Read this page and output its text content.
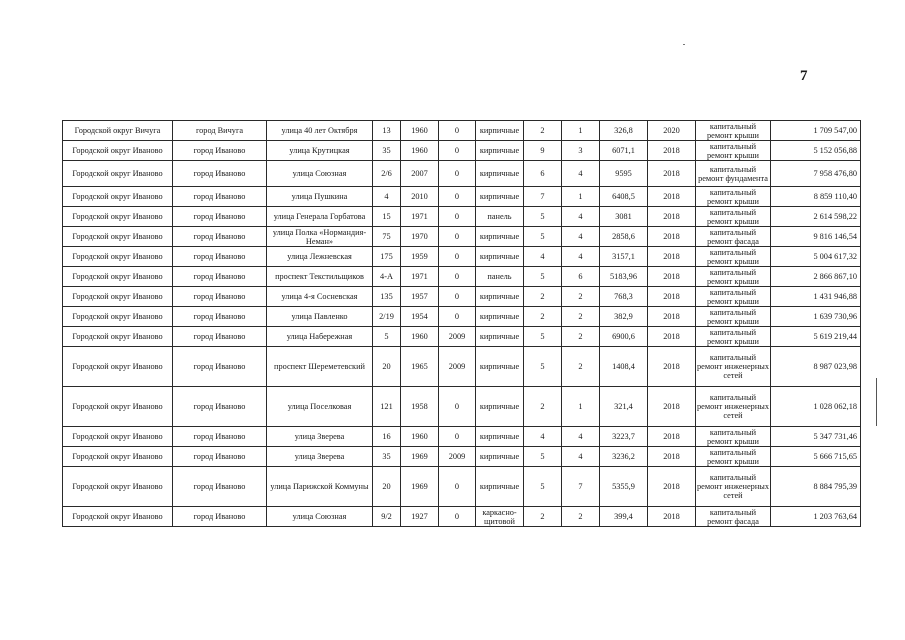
7
Городской округ Вичуга	город Вичуга	улица 40 лет Октября	13	1960	0	кирпичные	2	1	326,8	2020	капитальный ремонт крыши	1 709 547,00
Городской округ Иваново	город Иваново	улица Крутицкая	35	1960	0	кирпичные	9	3	6071,1	2018	капитальный ремонт крыши	5 152 056,88
Городской округ Иваново	город Иваново	улица Союзная	2/6	2007	0	кирпичные	6	4	9595	2018	капитальный ремонт фундамента	7 958 476,80
Городской округ Иваново	город Иваново	улица Пушкина	4	2010	0	кирпичные	7	1	6408,5	2018	капитальный ремонт крыши	8 859 110,40
Городской округ Иваново	город Иваново	улица Генерала Горбатова	15	1971	0	панель	5	4	3081	2018	капитальный ремонт крыши	2 614 598,22
Городской округ Иваново	город Иваново	улица Полка «Нормандия-Неман»	75	1970	0	кирпичные	5	4	2858,6	2018	капитальный ремонт фасада	9 816 146,54
Городской округ Иваново	город Иваново	улица Лежневская	175	1959	0	кирпичные	4	4	3157,1	2018	капитальный ремонт крыши	5 004 617,32
Городской округ Иваново	город Иваново	проспект Текстильщиков	4-А	1971	0	панель	5	6	5183,96	2018	капитальный ремонт крыши	2 866 867,10
Городской округ Иваново	город Иваново	улица 4-я Сосневская	135	1957	0	кирпичные	2	2	768,3	2018	капитальный ремонт крыши	1 431 946,88
Городской округ Иваново	город Иваново	улица Павленко	2/19	1954	0	кирпичные	2	2	382,9	2018	капитальный ремонт крыши	1 639 730,96
Городской округ Иваново	город Иваново	улица Набережная	5	1960	2009	кирпичные	5	2	6900,6	2018	капитальный ремонт крыши	5 619 219,44
Городской округ Иваново	город Иваново	проспект Шереметевский	20	1965	2009	кирпичные	5	2	1408,4	2018	капитальный ремонт инженерных сетей	8 987 023,98
Городской округ Иваново	город Иваново	улица Поселковая	121	1958	0	кирпичные	2	1	321,4	2018	капитальный ремонт инженерных сетей	1 028 062,18
Городской округ Иваново	город Иваново	улица Зверева	16	1960	0	кирпичные	4	4	3223,7	2018	капитальный ремонт крыши	5 347 731,46
Городской округ Иваново	город Иваново	улица Зверева	35	1969	2009	кирпичные	5	4	3236,2	2018	капитальный ремонт крыши	5 666 715,65
Городской округ Иваново	город Иваново	улица Парижской Коммуны	20	1969	0	кирпичные	5	7	5355,9	2018	капитальный ремонт инженерных сетей	8 884 795,39
Городской округ Иваново	город Иваново	улица Союзная	9/2	1927	0	каркасно-щитовой	2	2	399,4	2018	капитальный ремонт фасада	1 203 763,64
